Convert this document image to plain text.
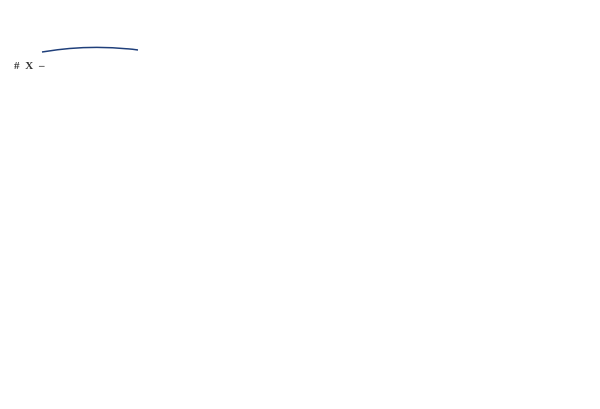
# X –
